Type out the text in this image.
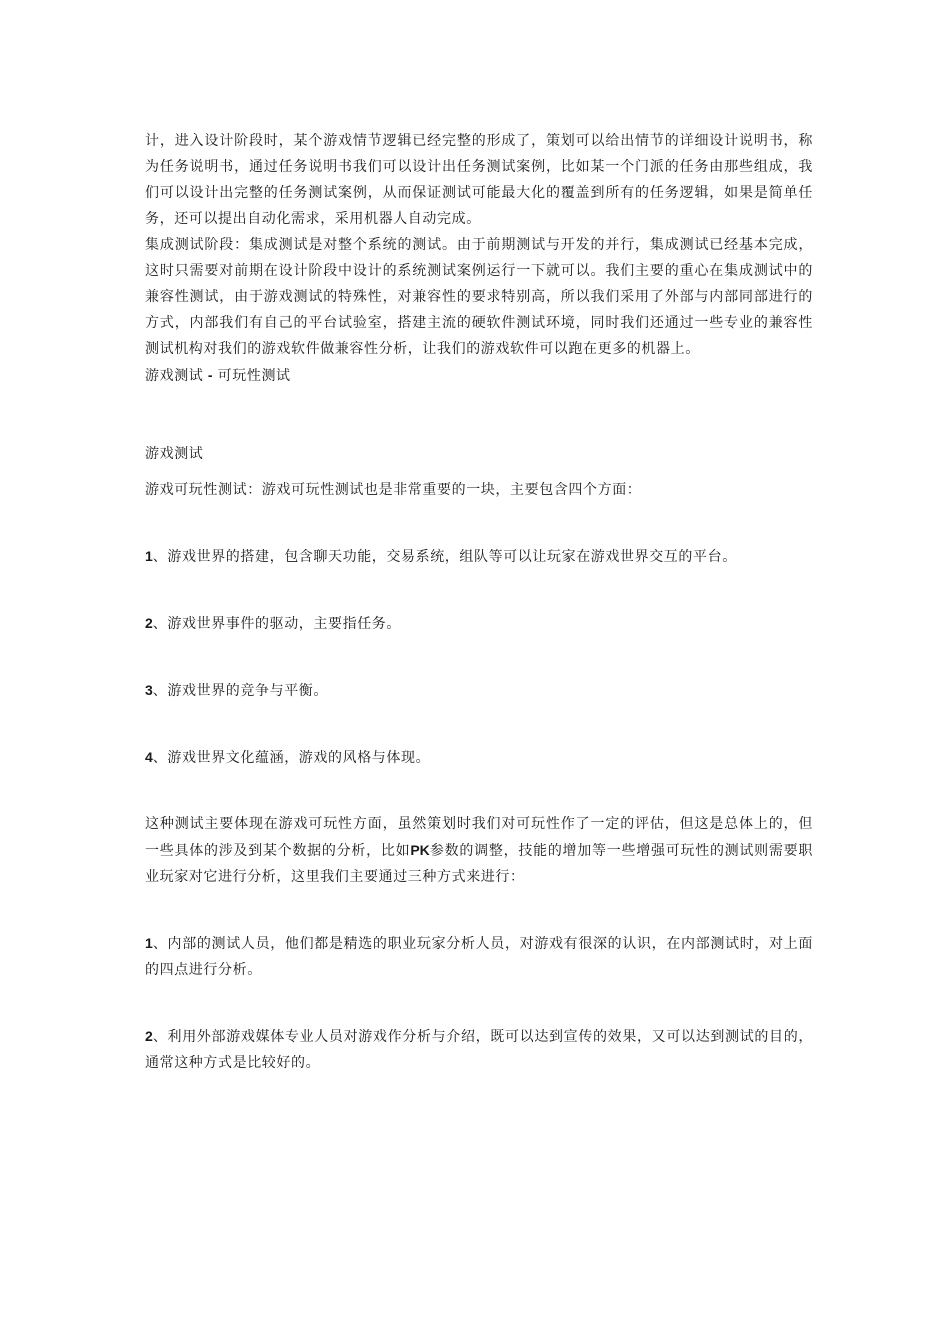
计，进入设计阶段时，某个游戏情节逻辑已经完整的形成了，策划可以给出情节的详细设计说明书，称为任务说明书，通过任务说明书我们可以设计出任务测试案例，比如某一个门派的任务由那些组成，我们可以设计出完整的任务测试案例，从而保证测试可能最大化的覆盖到所有的任务逻辑，如果是简单任务，还可以提出自动化需求，采用机器人自动完成。

集成测试阶段：集成测试是对整个系统的测试。由于前期测试与开发的并行，集成测试已经基本完成，这时只需要对前期在设计阶段中设计的系统测试案例运行一下就可以。我们主要的重心在集成测试中的兼容性测试，由于游戏测试的特殊性，对兼容性的要求特别高，所以我们采用了外部与内部同部进行的方式，内部我们有自己的平台试验室，搭建主流的硬软件测试环境，同时我们还通过一些专业的兼容性测试机构对我们的游戏软件做兼容性分析，让我们的游戏软件可以跑在更多的机器上。

游戏测试 - 可玩性测试

游戏测试

游戏可玩性测试：游戏可玩性测试也是非常重要的一块，主要包含四个方面：

1、游戏世界的搭建，包含聊天功能，交易系统，组队等可以让玩家在游戏世界交互的平台。

2、游戏世界事件的驱动，主要指任务。

3、游戏世界的竞争与平衡。

4、游戏世界文化蕴涵，游戏的风格与体现。

这种测试主要体现在游戏可玩性方面，虽然策划时我们对可玩性作了一定的评估，但这是总体上的，但一些具体的涉及到某个数据的分析，比如PK参数的调整，技能的增加等一些增强可玩性的测试则需要职业玩家对它进行分析，这里我们主要通过三种方式来进行：

1、内部的测试人员，他们都是精选的职业玩家分析人员，对游戏有很深的认识，在内部测试时，对上面的四点进行分析。

2、利用外部游戏媒体专业人员对游戏作分析与介绍，既可以达到宣传的效果，又可以达到测试的目的，通常这种方式是比较好的。
